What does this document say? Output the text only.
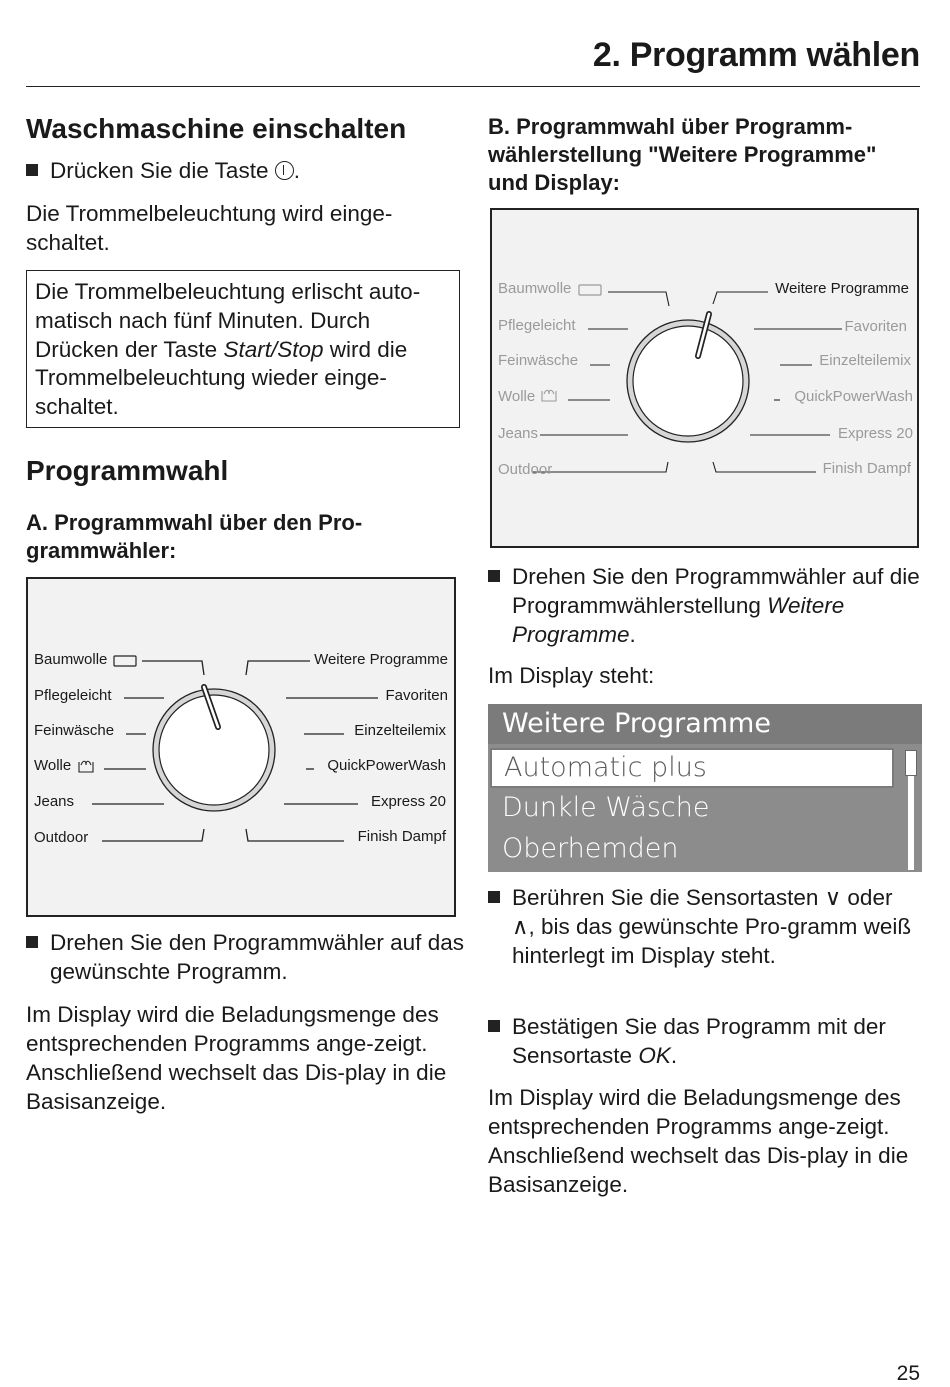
2. Programm wählen
Waschmaschine einschalten
Drücken Sie die Taste .
Die Trommelbeleuchtung wird einge-schaltet.
Die Trommelbeleuchtung erlischt auto-matisch nach fünf Minuten. Durch Drücken der Taste Start/Stop wird die Trommelbeleuchtung wieder einge-schaltet.
Programmwahl
A. Programmwahl über den Pro-grammwähler:
Baumwolle
Pflegeleicht
Feinwäsche
Wolle
Jeans
Outdoor
Weitere Programme
Favoriten
Einzelteilemix
QuickPowerWash
Express 20
Finish Dampf
Drehen Sie den Programmwähler auf das gewünschte Programm.
Im Display wird die Beladungsmenge des entsprechenden Programms ange-zeigt. Anschließend wechselt das Dis-play in die Basisanzeige.
B. Programmwahl über Programm-wählerstellung "Weitere Programme" und Display:
Baumwolle
Pflegeleicht
Feinwäsche
Wolle
Jeans
Outdoor
Weitere Programme
Favoriten
Einzelteilemix
QuickPowerWash
Express 20
Finish Dampf
Drehen Sie den Programmwähler auf die Programmwählerstellung Weitere Programme.
Im Display steht:
Weitere Programme
Automatic plus
Dunkle Wäsche
Oberhemden
Berühren Sie die Sensortasten ∨ oder ∧, bis das gewünschte Pro-gramm weiß hinterlegt im Display steht.
Bestätigen Sie das Programm mit der Sensortaste OK.
Im Display wird die Beladungsmenge des entsprechenden Programms ange-zeigt. Anschließend wechselt das Dis-play in die Basisanzeige.
25
